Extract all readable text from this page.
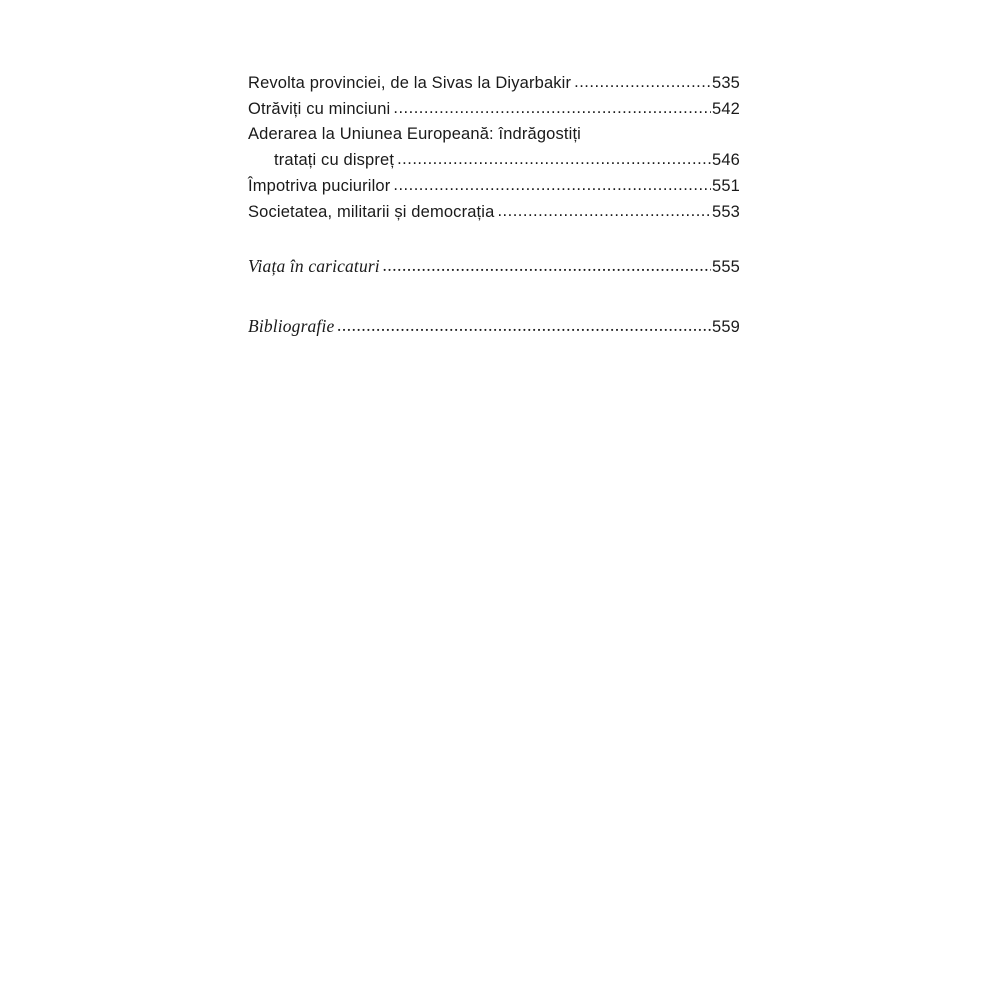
Revolta provinciei, de la Sivas la Diyarbakir .....	535
Otrăviți cu minciuni .....	542
Aderarea la Uniunea Europeană: îndrăgostiți
tratați cu dispreț .....	546
Împotriva puciurilor .....	551
Societatea, militarii și democrația .....	553
Viața în caricaturi .....	555
Bibliografie .....	559
